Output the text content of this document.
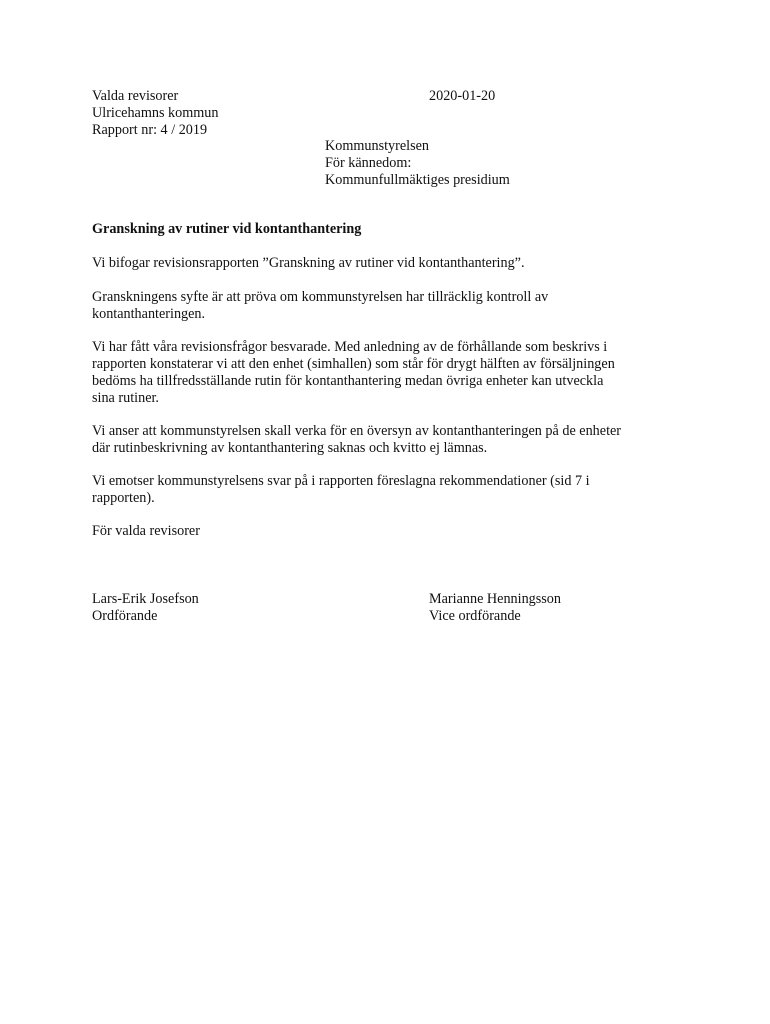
Valda revisorer
Ulricehamns kommun
Rapport nr: 4 / 2019
2020-01-20
Kommunstyrelsen
För kännedom:
Kommunfullmäktiges presidium
Granskning av rutiner vid kontanthantering

Vi bifogar revisionsrapporten ”Granskning av rutiner vid kontanthantering”.

Granskningens syfte är att pröva om kommunstyrelsen har tillräcklig kontroll av

kontanthanteringen.

Vi har fått våra revisionsfrågor besvarade. Med anledning av de förhållande som beskrivs i

rapporten konstaterar vi att den enhet (simhallen) som står för drygt hälften av försäljningen

bedöms ha tillfredsställande rutin för kontanthantering medan övriga enheter kan utveckla

sina rutiner.

Vi anser att kommunstyrelsen skall verka för en översyn av kontanthanteringen på de enheter

där rutinbeskrivning av kontanthantering saknas och kvitto ej lämnas.

Vi emotser kommunstyrelsens svar på i rapporten föreslagna rekommendationer (sid 7 i

rapporten).

För valda revisorer

Lars-Erik Josefson
Ordförande
Marianne Henningsson
Vice ordförande
